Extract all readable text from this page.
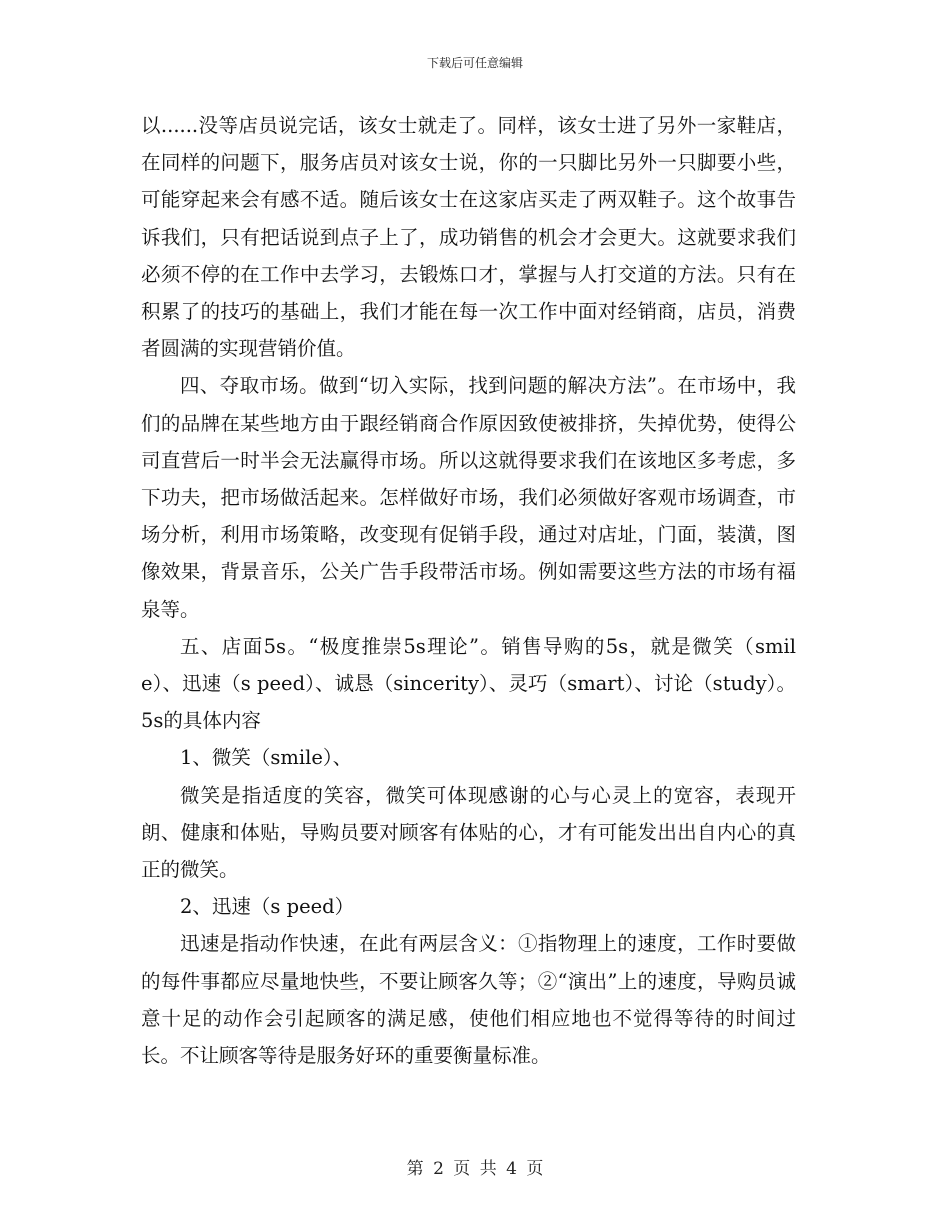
下载后可任意编辑

以......没等店员说完话，该女士就走了。同样，该女士进了另外一家鞋店，在同样的问题下，服务店员对该女士说，你的一只脚比另外一只脚要小些，可能穿起来会有感不适。随后该女士在这家店买走了两双鞋子。这个故事告诉我们，只有把话说到点子上了，成功销售的机会才会更大。这就要求我们必须不停的在工作中去学习，去锻炼口才，掌握与人打交道的方法。只有在积累了的技巧的基础上，我们才能在每一次工作中面对经销商，店员，消费者圆满的实现营销价值。

四、夺取市场。做到“切入实际，找到问题的解决方法”。在市场中，我们的品牌在某些地方由于跟经销商合作原因致使被排挤，失掉优势，使得公司直营后一时半会无法赢得市场。所以这就得要求我们在该地区多考虑，多下功夫，把市场做活起来。怎样做好市场，我们必须做好客观市场调查，市场分析，利用市场策略，改变现有促销手段，通过对店址，门面，装潢，图像效果，背景音乐，公关广告手段带活市场。例如需要这些方法的市场有福泉等。

五、店面5s。“极度推崇5s理论”。销售导购的5s，就是微笑（smile）、迅速（s peed）、诚恳（sincerity）、灵巧（smart）、讨论（study）。 5s的具体内容

1、微笑（smile）、

微笑是指适度的笑容，微笑可体现感谢的心与心灵上的宽容，表现开朗、健康和体贴，导购员要对顾客有体贴的心，才有可能发出出自内心的真正的微笑。

2、迅速（s peed）

迅速是指动作快速，在此有两层含义：①指物理上的速度，工作时要做的每件事都应尽量地快些，不要让顾客久等；②“演出”上的速度，导购员诚意十足的动作会引起顾客的满足感，使他们相应地也不觉得等待的时间过长。不让顾客等待是服务好环的重要衡量标准。

第 2 页 共 4 页
